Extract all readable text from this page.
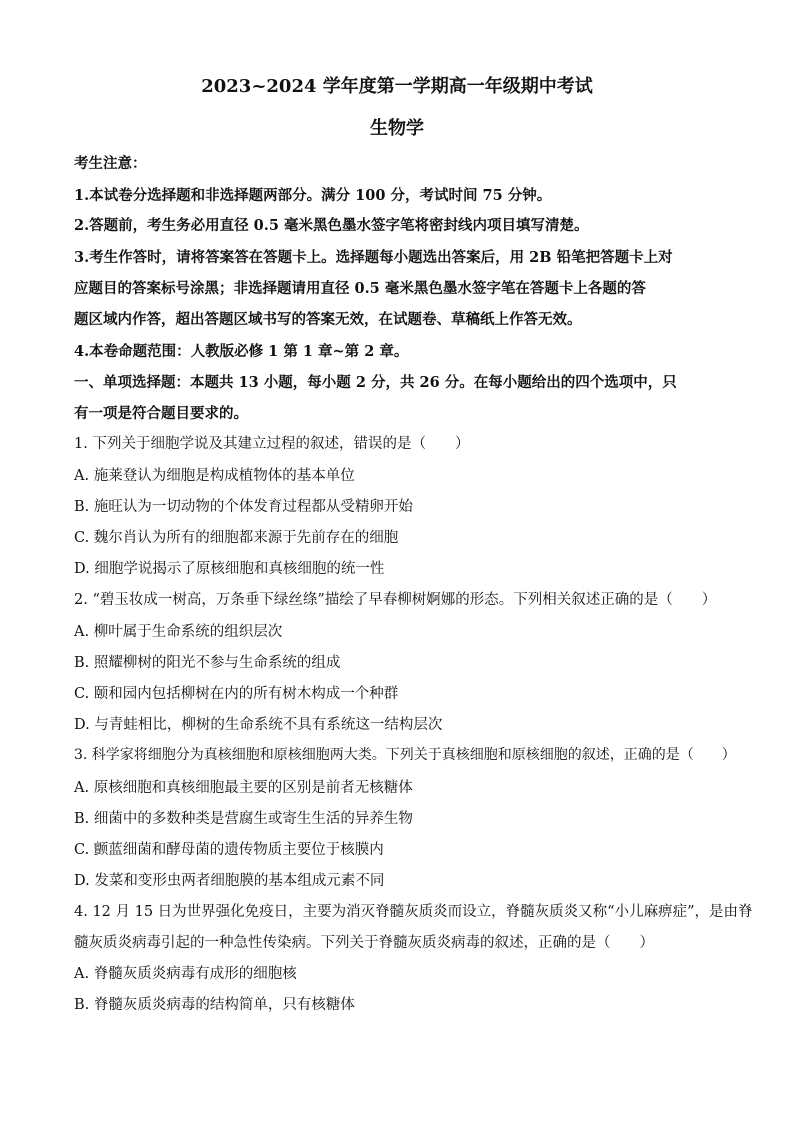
2023~2024 学年度第一学期高一年级期中考试
生物学
考生注意：
1.本试卷分选择题和非选择题两部分。满分 100 分，考试时间 75 分钟。
2.答题前，考生务必用直径 0.5 毫米黑色墨水签字笔将密封线内项目填写清楚。
3.考生作答时，请将答案答在答题卡上。选择题每小题选出答案后，用 2B 铅笔把答题卡上对
应题目的答案标号涂黑；非选择题请用直径 0.5 毫米黑色墨水签字笔在答题卡上各题的答
题区域内作答，超出答题区域书写的答案无效，在试题卷、草稿纸上作答无效。
4.本卷命题范围：人教版必修 1 第 1 章~第 2 章。
一、单项选择题：本题共 13 小题，每小题 2 分，共 26 分。在每小题给出的四个选项中，只
有一项是符合题目要求的。
1. 下列关于细胞学说及其建立过程的叙述，错误的是（　　）
A. 施莱登认为细胞是构成植物体的基本单位
B. 施旺认为一切动物的个体发育过程都从受精卵开始
C. 魏尔肖认为所有的细胞都来源于先前存在的细胞
D. 细胞学说揭示了原核细胞和真核细胞的统一性
2. “碧玉妆成一树高，万条垂下绿丝绦”描绘了早春柳树婀娜的形态。下列相关叙述正确的是（　　）
A. 柳叶属于生命系统的组织层次
B. 照耀柳树的阳光不参与生命系统的组成
C. 颐和园内包括柳树在内的所有树木构成一个种群
D. 与青蛙相比，柳树的生命系统不具有系统这一结构层次
3. 科学家将细胞分为真核细胞和原核细胞两大类。下列关于真核细胞和原核细胞的叙述，正确的是（　　）
A. 原核细胞和真核细胞最主要的区别是前者无核糖体
B. 细菌中的多数种类是营腐生或寄生生活的异养生物
C. 颤蓝细菌和酵母菌的遗传物质主要位于核膜内
D. 发菜和变形虫两者细胞膜的基本组成元素不同
4. 12 月 15 日为世界强化免疫日，主要为消灭脊髓灰质炎而设立，脊髓灰质炎又称“小儿麻痹症”，是由脊
髓灰质炎病毒引起的一种急性传染病。下列关于脊髓灰质炎病毒的叙述，正确的是（　　）
A. 脊髓灰质炎病毒有成形的细胞核
B. 脊髓灰质炎病毒的结构简单，只有核糖体
